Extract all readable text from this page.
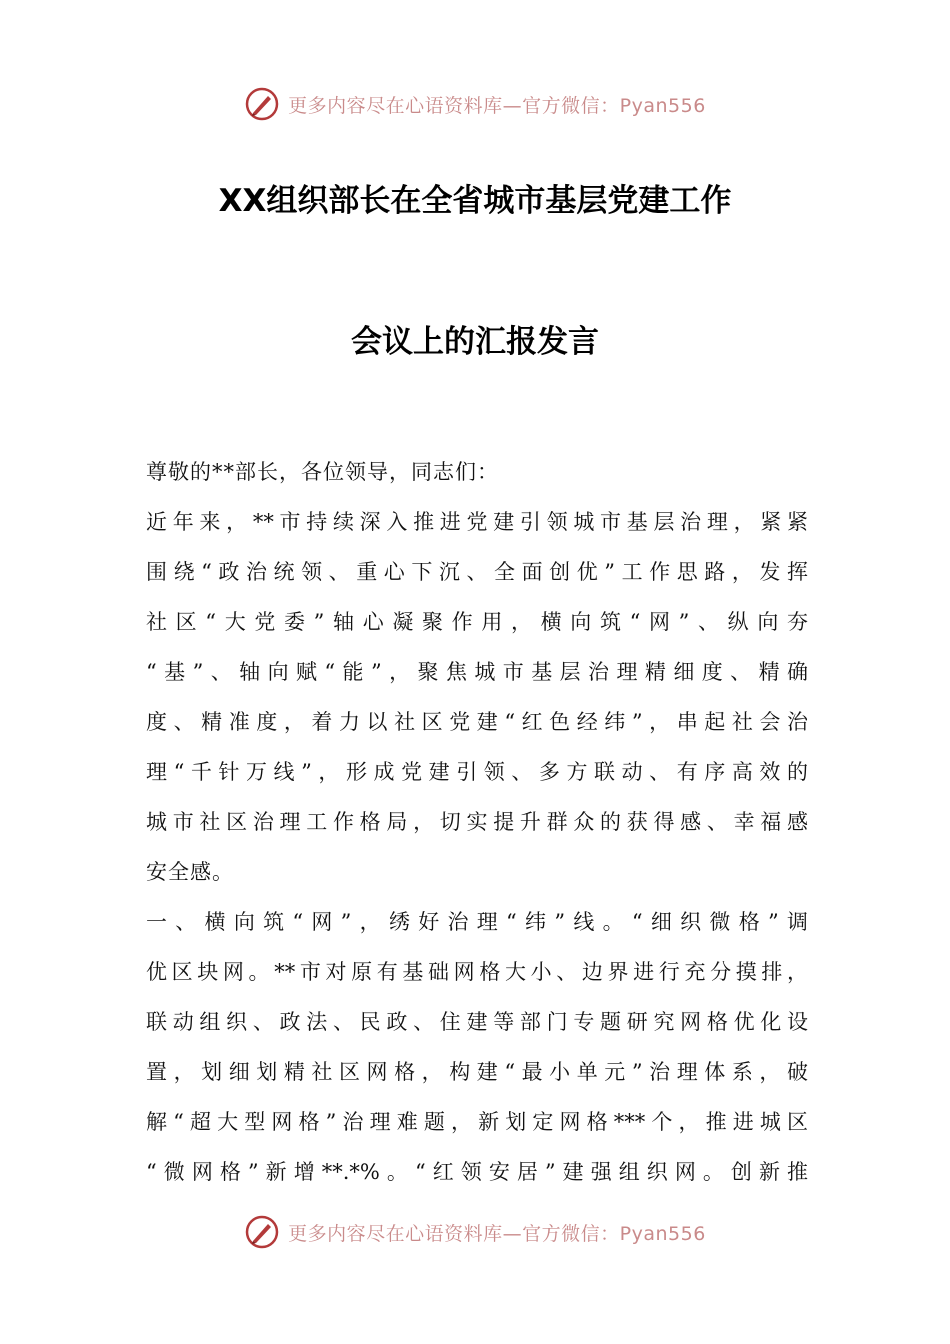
更多内容尽在心语资料库—官方微信：Pyan556
XX组织部长在全省城市基层党建工作
会议上的汇报发言
尊敬的**部长，各位领导，同志们：
近年来，**市持续深入推进党建引领城市基层治理，紧紧
围绕“政治统领、重心下沉、全面创优”工作思路，发挥
社区“大党委”轴心凝聚作用，横向筑“网”、纵向夯
“基”、轴向赋“能”，聚焦城市基层治理精细度、精确
度、精准度，着力以社区党建“红色经纬”，串起社会治
理“千针万线”，形成党建引领、多方联动、有序高效的
城市社区治理工作格局，切实提升群众的获得感、幸福感
安全感。
一、横向筑“网”，绣好治理“纬”线。“细织微格”调
优区块网。**市对原有基础网格大小、边界进行充分摸排，
联动组织、政法、民政、住建等部门专题研究网格优化设
置，划细划精社区网格，构建“最小单元”治理体系，破
解“超大型网格”治理难题，新划定网格***个，推进城区
“微网格”新增**.*%。“红领安居”建强组织网。创新推
更多内容尽在心语资料库—官方微信：Pyan556
